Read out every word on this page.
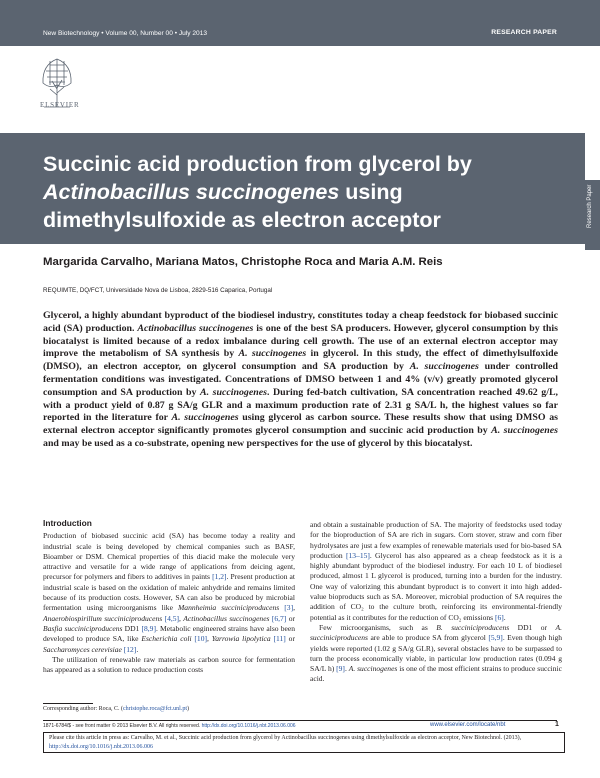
New Biotechnology • Volume 00, Number 00 • July 2013	RESEARCH PAPER
ELSEVIER
Succinic acid production from glycerol by
Actinobacillus succinogenes using
dimethylsulfoxide as electron acceptor	Research Paper
Margarida Carvalho, Mariana Matos, Christophe Roca and Maria A.M. Reis
REQUIMTE, DQ/FCT, Universidade Nova de Lisboa, 2829-516 Caparica, Portugal

Glycerol, a highly abundant byproduct of the biodiesel industry, constitutes today a cheap feedstock for biobased succinic acid (SA) production. Actinobacillus succinogenes is one of the best SA producers. However, glycerol consumption by this biocatalyst is limited because of a redox imbalance during cell growth. The use of an external electron acceptor may improve the metabolism of SA synthesis by A. succinogenes in glycerol. In this study, the effect of dimethylsulfoxide (DMSO), an electron acceptor, on glycerol consumption and SA production by A. succinogenes under controlled fermentation conditions was investigated. Concentrations of DMSO between 1 and 4% (v/v) greatly promoted glycerol consumption and SA production by A. succinogenes. During fed-batch cultivation, SA concentration reached 49.62 g/L, with a product yield of 0.87 g SA/g GLR and a maximum production rate of 2.31 g SA/L h, the highest values so far reported in the literature for A. succinogenes using glycerol as carbon source. These results show that using DMSO as external electron acceptor significantly promotes glycerol consumption and succinic acid production by A. succinogenes and may be used as a co-substrate, opening new perspectives for the use of glycerol by this biocatalyst.

Introduction

Production of biobased succinic acid (SA) has become today a reality and industrial scale is being developed by chemical companies such as BASF, Bioamber or DSM. Chemical properties of this diacid make the molecule very attractive and versatile for a wide range of applications from deicing agent, precursor for polymers and fibers to additives in paints [1,2]. Present production at industrial scale is based on the oxidation of maleic anhydride and remains limited because of its production costs. However, SA can also be produced by microbial fermentation using microorganisms like Mannheimia succiniciproducens [3], Anaerobiospirillum succiniciproducens [4,5], Actinobacillus succinogenes [6,7] or Basfia succiniciproducens DD1 [8,9]. Metabolic engineered strains have also been developed to produce SA, like Escherichia coli [10], Yarrowia lipolytica [11] or Saccharomyces cerevisiae [12].

The utilization of renewable raw materials as carbon source for fermentation has appeared as a solution to reduce production costs

and obtain a sustainable production of SA. The majority of feedstocks used today for the bioproduction of SA are rich in sugars. Corn stover, straw and corn fiber hydrolysates are just a few examples of renewable materials used for bio-based SA production [13–15]. Glycerol has also appeared as a cheap feedstock as it is a highly abundant byproduct of the biodiesel industry. For each 10 L of biodiesel produced, almost 1 L glycerol is produced, turning into a burden for the industry. One way of valorizing this abundant byproduct is to convert it into high added-value bioproducts such as SA. Moreover, microbial production of SA requires the addition of CO₂ to the culture broth, reinforcing its environmental-friendly potential as it contributes for the reduction of CO₂ emissions [6].

Few microorganisms, such as B. succiniciproducens DD1 or A. succiniciproducens are able to produce SA from glycerol [5,9]. Even though high yields were reported (1.02 g SA/g GLR), several obstacles have to be surpassed to turn the process economically viable, in particular low production rates (0.094 g SA/L h) [9]. A. succinogenes is one of the most efficient strains to produce succinic acid.

Corresponding author: Roca, C. (christophe.roca@fct.unl.pt)
1871-6784/$ - see front matter © 2013 Elsevier B.V. All rights reserved. http://dx.doi.org/10.1016/j.nbt.2013.06.006	www.elsevier.com/locate/nbt	1
Please cite this article in press as: Carvalho, M. et al., Succinic acid production from glycerol by Actinobacillus succinogenes using dimethylsulfoxide as electron acceptor, New Biotechnol. (2013), http://dx.doi.org/10.1016/j.nbt.2013.06.006
